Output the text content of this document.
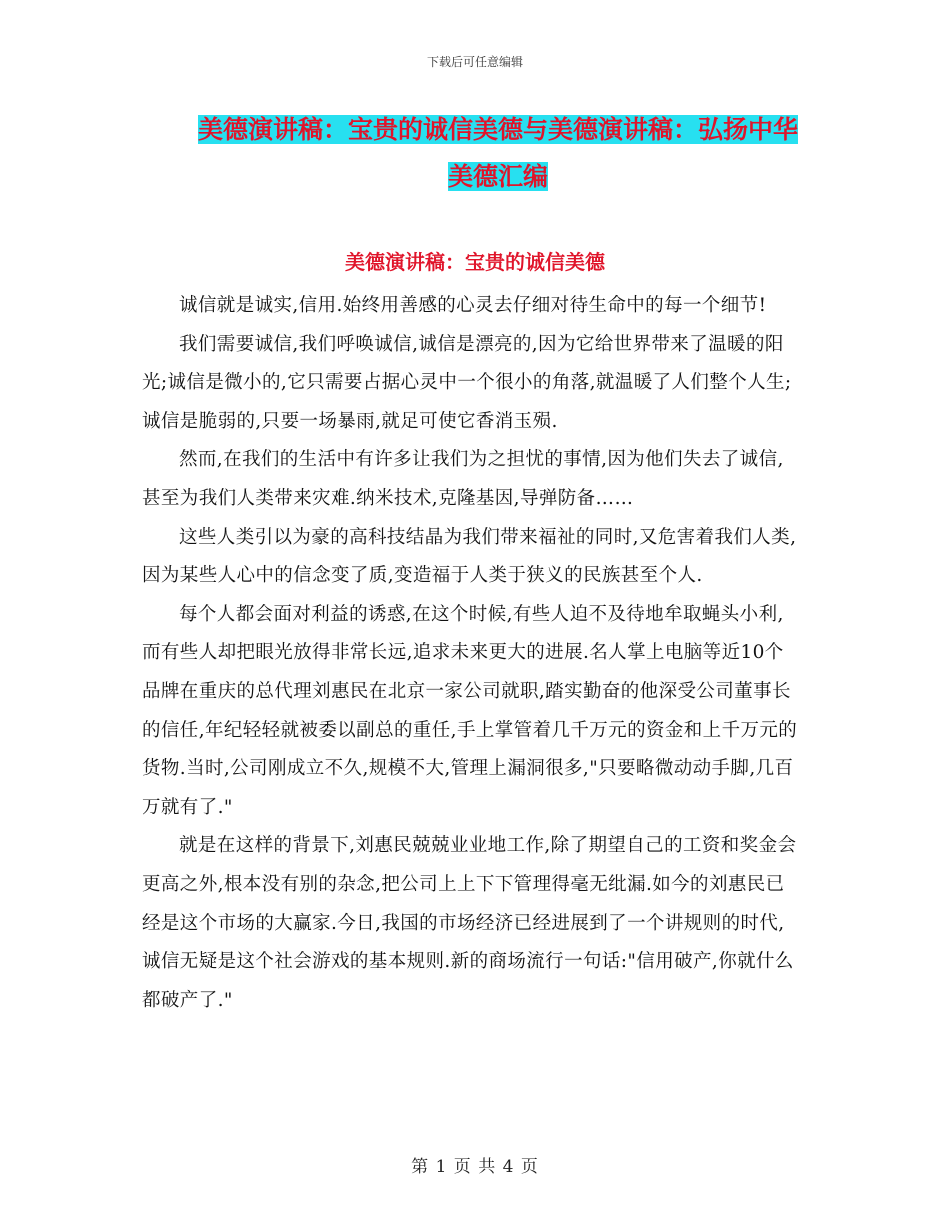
下载后可任意编辑
美德演讲稿：宝贵的诚信美德与美德演讲稿：弘扬中华美德汇编
美德演讲稿：宝贵的诚信美德

诚信就是诚实,信用.始终用善感的心灵去仔细对待生命中的每一个细节!

我们需要诚信,我们呼唤诚信,诚信是漂亮的,因为它给世界带来了温暖的阳光;诚信是微小的,它只需要占据心灵中一个很小的角落,就温暖了人们整个人生;诚信是脆弱的,只要一场暴雨,就足可使它香消玉殒.

然而,在我们的生活中有许多让我们为之担忧的事情,因为他们失去了诚信,甚至为我们人类带来灾难.纳米技术,克隆基因,导弹防备……

这些人类引以为豪的高科技结晶为我们带来福祉的同时,又危害着我们人类,因为某些人心中的信念变了质,变造福于人类于狭义的民族甚至个人.

每个人都会面对利益的诱惑,在这个时候,有些人迫不及待地牟取蝇头小利,而有些人却把眼光放得非常长远,追求未来更大的进展.名人掌上电脑等近10个品牌在重庆的总代理刘惠民在北京一家公司就职,踏实勤奋的他深受公司董事长的信任,年纪轻轻就被委以副总的重任,手上掌管着几千万元的资金和上千万元的货物.当时,公司刚成立不久,规模不大,管理上漏洞很多,"只要略微动动手脚,几百万就有了."

就是在这样的背景下,刘惠民兢兢业业地工作,除了期望自己的工资和奖金会更高之外,根本没有别的杂念,把公司上上下下管理得毫无纰漏.如今的刘惠民已经是这个市场的大赢家.今日,我国的市场经济已经进展到了一个讲规则的时代,诚信无疑是这个社会游戏的基本规则.新的商场流行一句话:"信用破产,你就什么都破产了."

第 1 页 共 4 页
